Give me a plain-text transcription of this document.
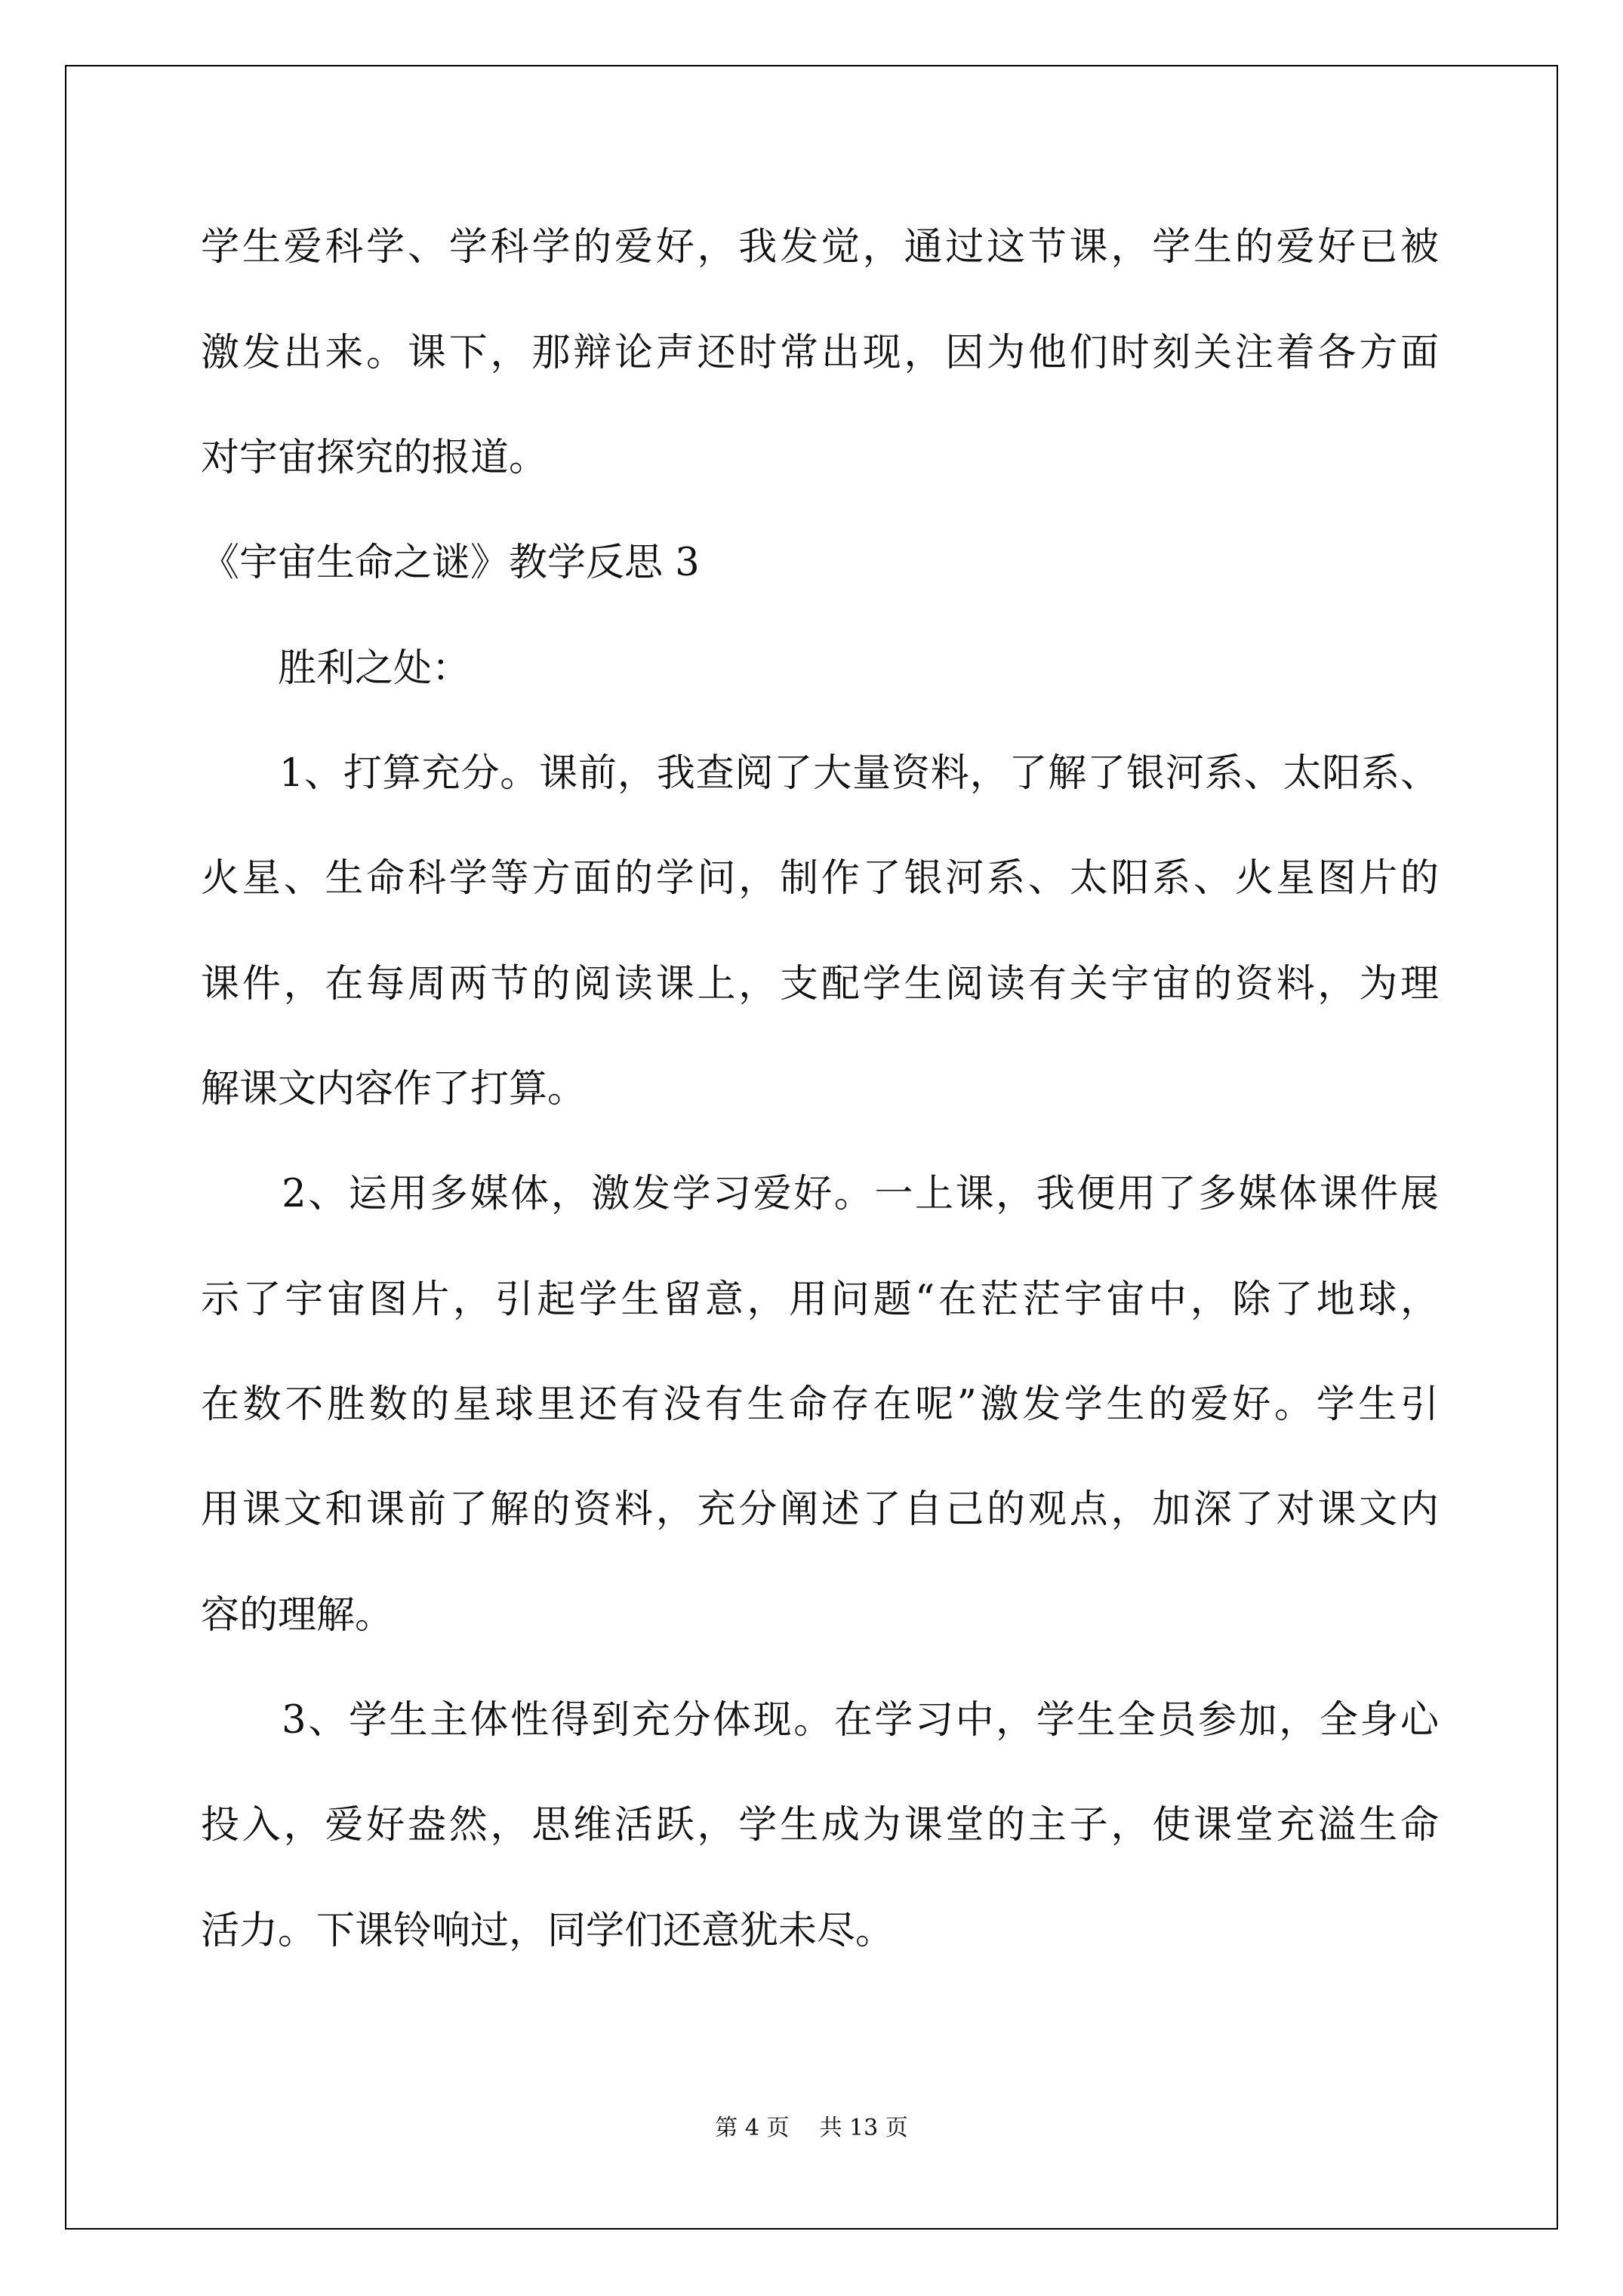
学生爱科学、学科学的爱好，我发觉，通过这节课，学生的爱好已被
激发出来。课下，那辩论声还时常出现，因为他们时刻关注着各方面
对宇宙探究的报道。
《宇宙生命之谜》教学反思 3
　　胜利之处：
　　1、打算充分。课前，我查阅了大量资料，了解了银河系、太阳系、
火星、生命科学等方面的学问，制作了银河系、太阳系、火星图片的
课件，在每周两节的阅读课上，支配学生阅读有关宇宙的资料，为理
解课文内容作了打算。
　　2、运用多媒体，激发学习爱好。一上课，我便用了多媒体课件展
示了宇宙图片，引起学生留意，用问题“在茫茫宇宙中，除了地球，
在数不胜数的星球里还有没有生命存在呢”激发学生的爱好。学生引
用课文和课前了解的资料，充分阐述了自己的观点，加深了对课文内
容的理解。
　　3、学生主体性得到充分体现。在学习中，学生全员参加，全身心
投入，爱好盎然，思维活跃，学生成为课堂的主子，使课堂充溢生命
活力。下课铃响过，同学们还意犹未尽。
第 4 页 共 13 页
